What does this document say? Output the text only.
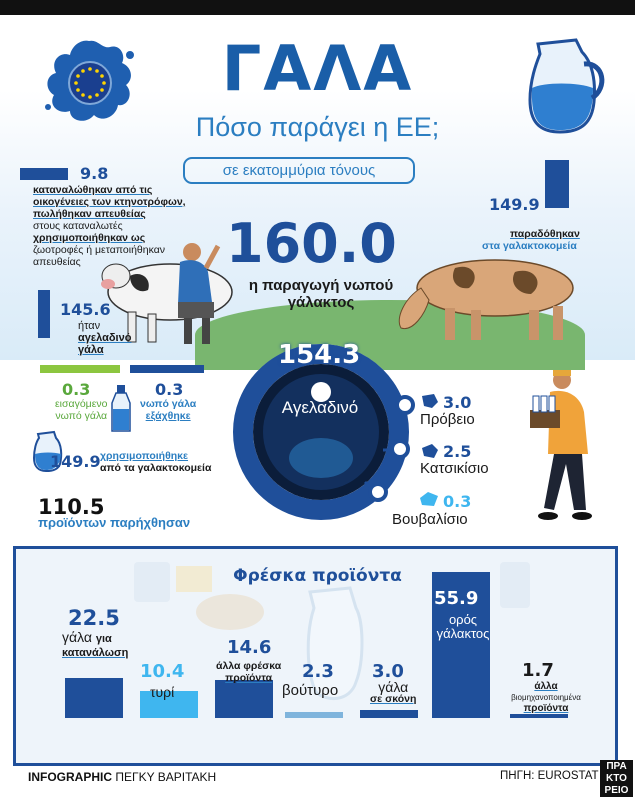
ΓΑΛΑ
Πόσο παράγει η ΕΕ;
σε εκατομμύρια τόνους
9.8
καταναλώθηκαν από τις
οικογένειες των κτηνοτρόφων,
πωλήθηκαν απευθείας
στους καταναλωτές
χρησιμοποιήθηκαν ως
ζωοτροφές ή μεταποιήθηκαν
απευθείας
145.6
ήταν
αγελαδινό
γάλα
160.0
η παραγωγή νωπού
γάλακτος
149.9
παραδόθηκαν
στα γαλακτοκομεία
0.3
εισαγόμενο
νωπό γάλα
0.3
νωπό γάλα
εξάχθηκε
149.9 χρησιμοποιήθηκε
από τα γαλακτοκομεία
110.5
προϊόντων παρήχθησαν
154.3
Αγελαδινό	3.0
Πρόβειο
2.5
Κατσικίσιο
0.3
Βουβαλίσιο
Φρέσκα προϊόντα
22.5
γάλα για
κατανάλωση
10.4
τυρί
14.6
άλλα φρέσκα
προϊόντα	2.3
βούτυρο
3.0
γάλα
σε σκόνη
55.9
ορός
γάλακτος
1.7
άλλα
βιομηχανοποιημένα
προϊόντα
INFOGRAPHIC ΠΕΓΚΥ ΒΑΡΙΤΑΚΗ	ΠΗΓΗ: EUROSTAT
ΠΡΑ
ΚΤΟ
ΡΕΙΟ
